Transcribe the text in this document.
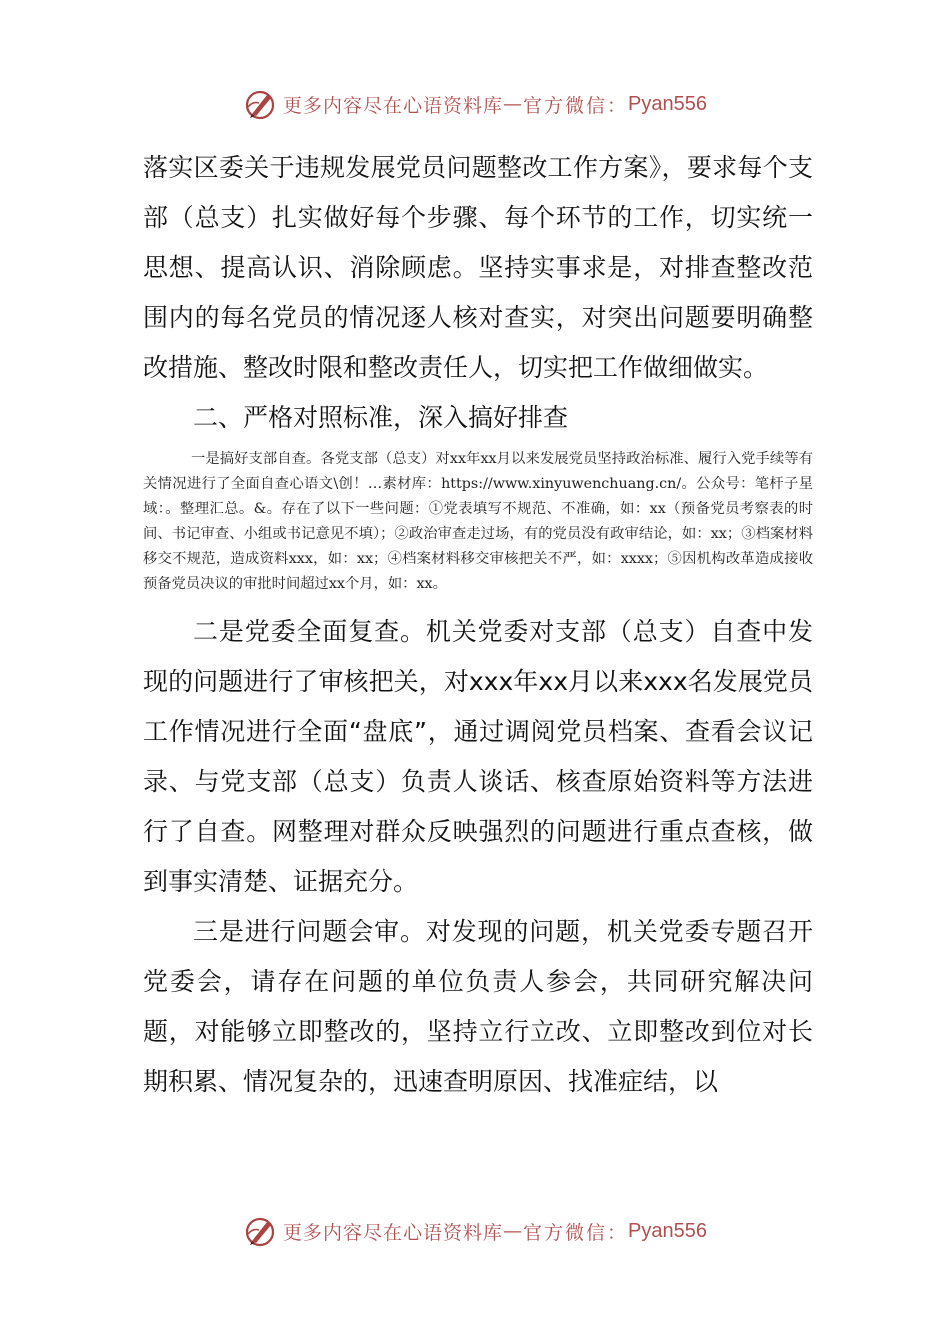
更多内容尽在心语资料库 — 官方微信： Pyan556

落实区委关于违规发展党员问题整改工作方案》，要求每个支部（总支）扎实做好每个步骤、每个环节的工作，切实统一思想、提高认识、消除顾虑。坚持实事求是，对排查整改范围内的每名党员的情况逐人核对查实，对突出问题要明确整改措施、整改时限和整改责任人，切实把工作做细做实。

二、严格对照标准，深入搞好排查

一是搞好支部自查。各党支部（总支）对xx年xx月以来发展党员坚持政治标准、履行入党手续等有关情况进行了全面自查心语文\创！…素材库：https://www.xinyuwenchuang.cn/。公众号：笔杆子星域：。整理汇总。&。存在了以下一些问题：①党表填写不规范、不准确，如：xx（预备党员考察表的时间、书记审查、小组或书记意见不填）；②政治审查走过场，有的党员没有政审结论，如：xx；③档案材料移交不规范，造成资料xxx，如：xx；④档案材料移交审核把关不严，如：xxxx；⑤因机构改革造成接收预备党员决议的审批时间超过xx个月，如：xx。

二是党委全面复查。机关党委对支部（总支）自查中发现的问题进行了审核把关，对xxx年xx月以来xxx名发展党员工作情况进行全面“盘底”，通过调阅党员档案、查看会议记录、与党支部（总支）负责人谈话、核查原始资料等方法进行了自查。网整理对群众反映强烈的问题进行重点查核，做到事实清楚、证据充分。

三是进行问题会审。对发现的问题，机关党委专题召开党委会，请存在问题的单位负责人参会，共同研究解决问题，对能够立即整改的，坚持立行立改、立即整改到位对长期积累、情况复杂的，迅速查明原因、找准症结，以

更多内容尽在心语资料库 — 官方微信： Pyan556
